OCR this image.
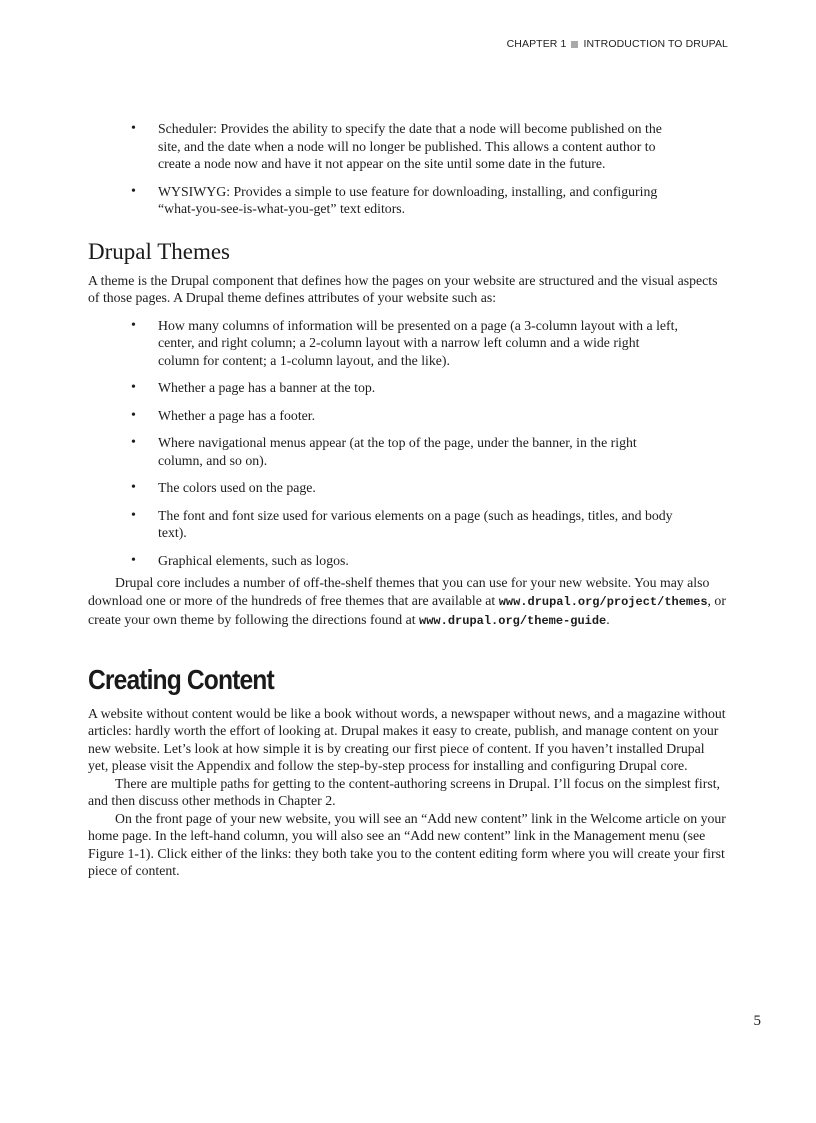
CHAPTER 1 INTRODUCTION TO DRUPAL
• Scheduler: Provides the ability to specify the date that a node will become published on the site, and the date when a node will no longer be published. This allows a content author to create a node now and have it not appear on the site until some date in the future.
• WYSIWYG: Provides a simple to use feature for downloading, installing, and configuring “what-you-see-is-what-you-get” text editors.
Drupal Themes

A theme is the Drupal component that defines how the pages on your website are structured and the visual aspects of those pages. A Drupal theme defines attributes of your website such as:

• How many columns of information will be presented on a page (a 3-column layout with a left, center, and right column; a 2-column layout with a narrow left column and a wide right column for content; a 1-column layout, and the like).
• Whether a page has a banner at the top.
• Whether a page has a footer.
• Where navigational menus appear (at the top of the page, under the banner, in the right column, and so on).
• The colors used on the page.
• The font and font size used for various elements on a page (such as headings, titles, and body text).
• Graphical elements, such as logos.

Drupal core includes a number of off-the-shelf themes that you can use for your new website. You may also download one or more of the hundreds of free themes that are available at www.drupal.org/project/themes, or create your own theme by following the directions found at www.drupal.org/theme-guide.

Creating Content

A website without content would be like a book without words, a newspaper without news, and a magazine without articles: hardly worth the effort of looking at. Drupal makes it easy to create, publish, and manage content on your new website. Let’s look at how simple it is by creating our first piece of content. If you haven’t installed Drupal yet, please visit the Appendix and follow the step-by-step process for installing and configuring Drupal core.

There are multiple paths for getting to the content-authoring screens in Drupal. I’ll focus on the simplest first, and then discuss other methods in Chapter 2.

On the front page of your new website, you will see an “Add new content” link in the Welcome article on your home page. In the left-hand column, you will also see an “Add new content” link in the Management menu (see Figure 1-1). Click either of the links: they both take you to the content editing form where you will create your first piece of content.

5
